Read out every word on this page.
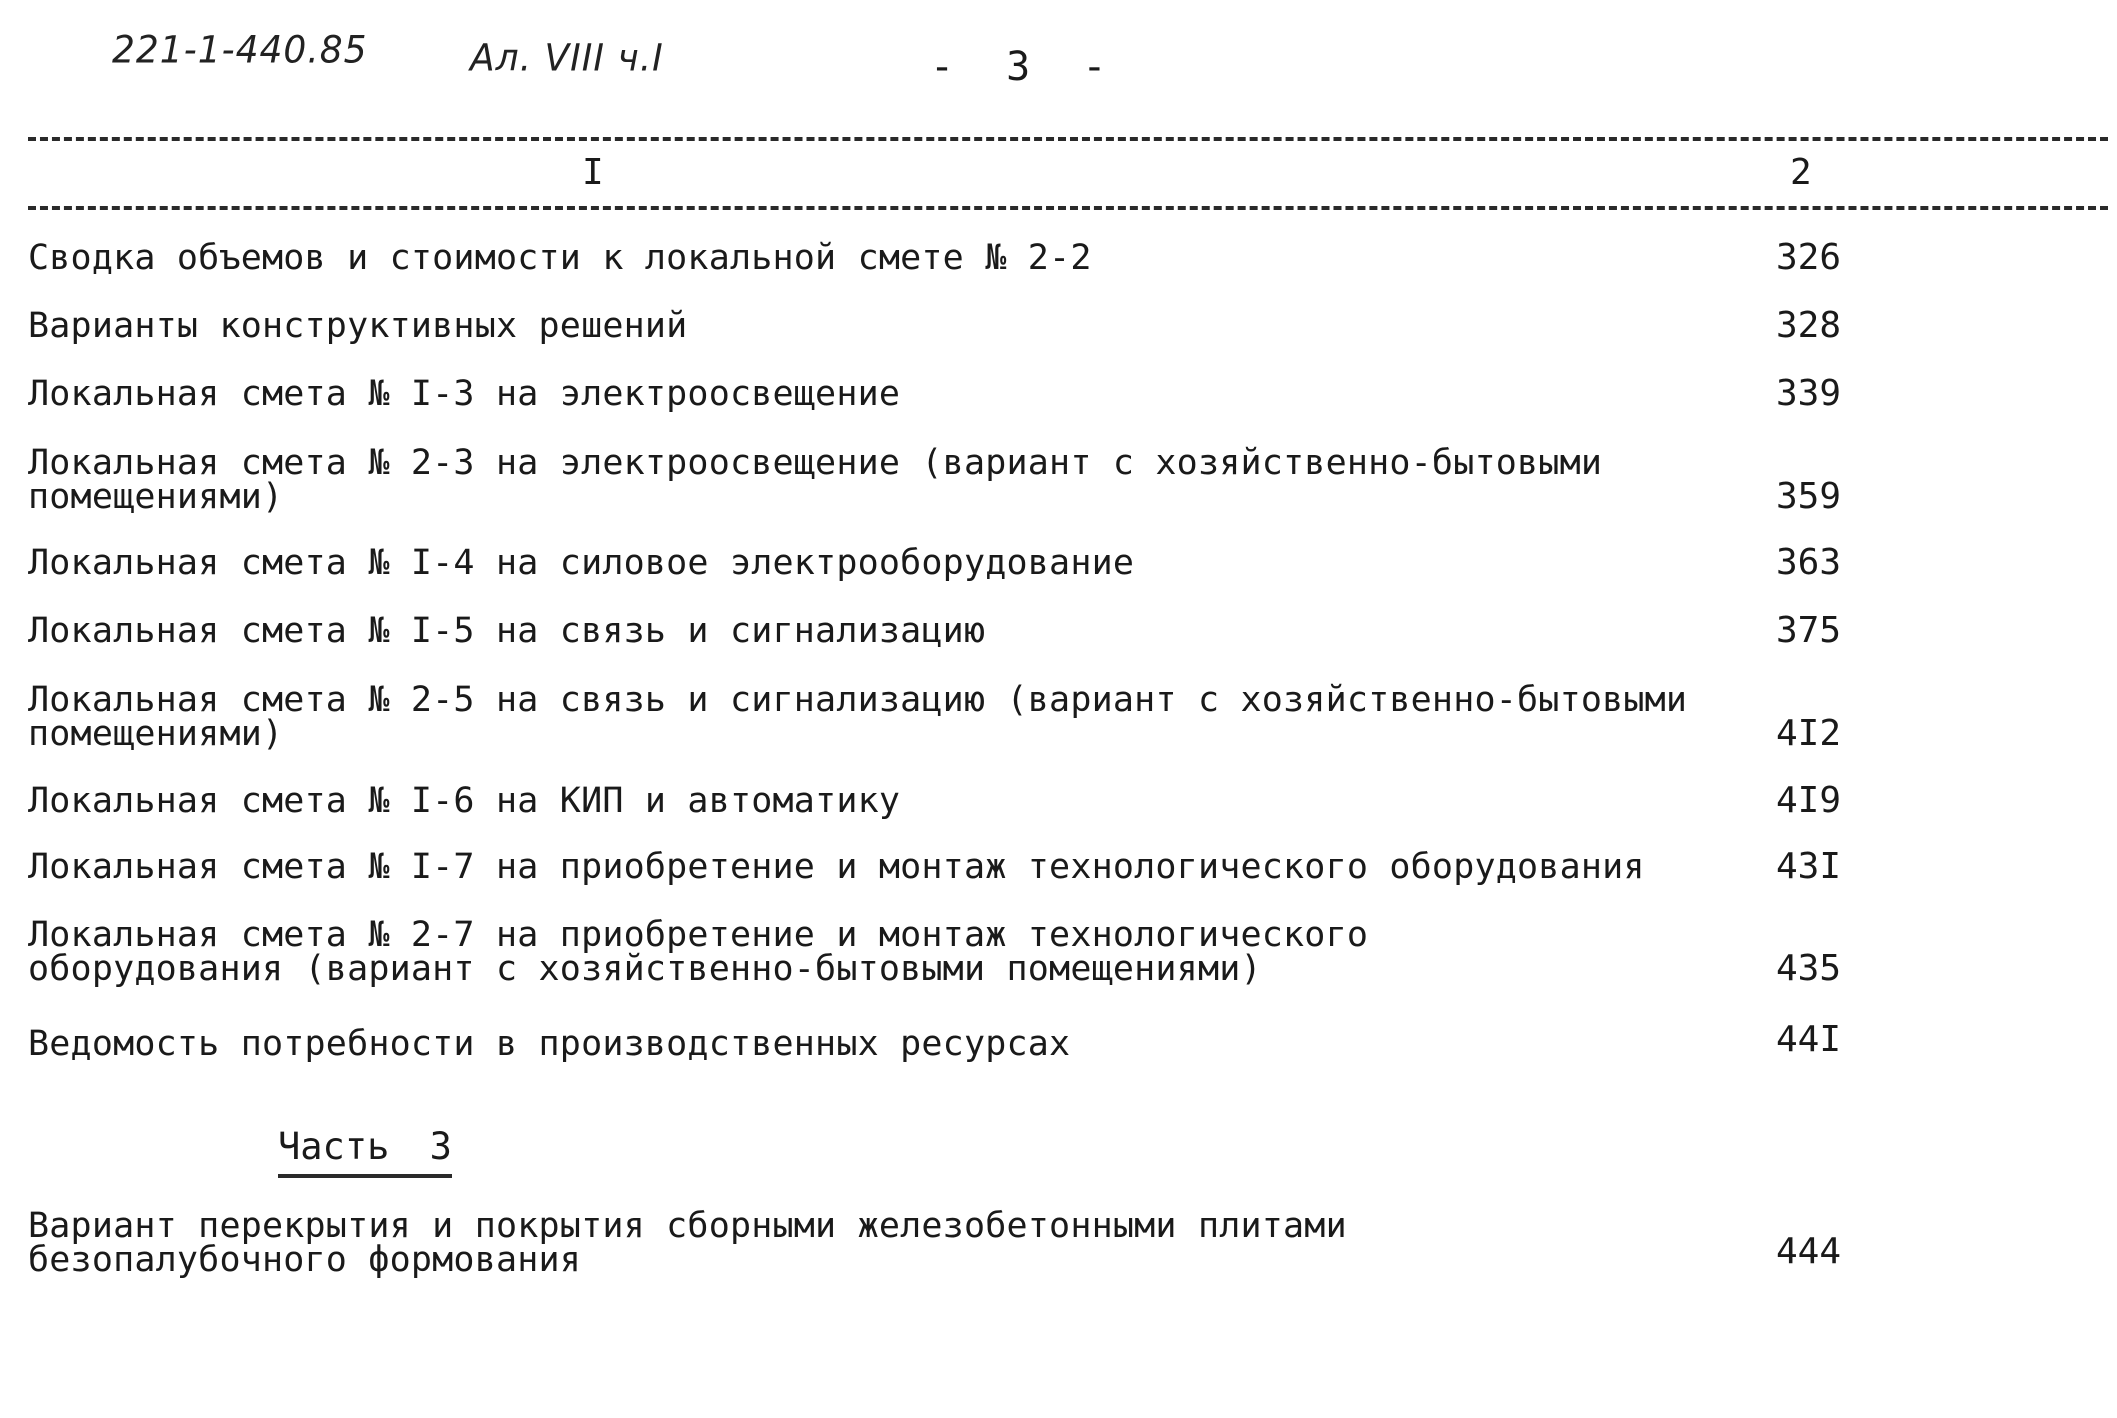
221-1-440.85	Ал. VIII ч.I	- 3 -
I	2
Сводка объемов и стоимости к локальной смете № 2-2	326
Варианты конструктивных решений	328
Локальная смета № I-3 на электроосвещение	339
Локальная смета № 2-3 на электроосвещение (вариант с хозяйственно-бытовыми
помещениями)	359
Локальная смета № I-4 на силовое электрооборудование	363
Локальная смета № I-5 на связь и сигнализацию	375
Локальная смета № 2-5 на связь и сигнализацию (вариант с хозяйственно-бытовыми
помещениями)	4I2
Локальная смета № I-6 на КИП и автоматику	4I9
Локальная смета № I-7 на приобретение и монтаж технологического оборудования	43I
Локальная смета № 2-7 на приобретение и монтаж технологического
оборудования (вариант с хозяйственно-бытовыми помещениями)	435
Ведомость потребности в производственных ресурсах	44I
Часть 3
Вариант перекрытия и покрытия сборными железобетонными плитами
безопалубочного формования	444
